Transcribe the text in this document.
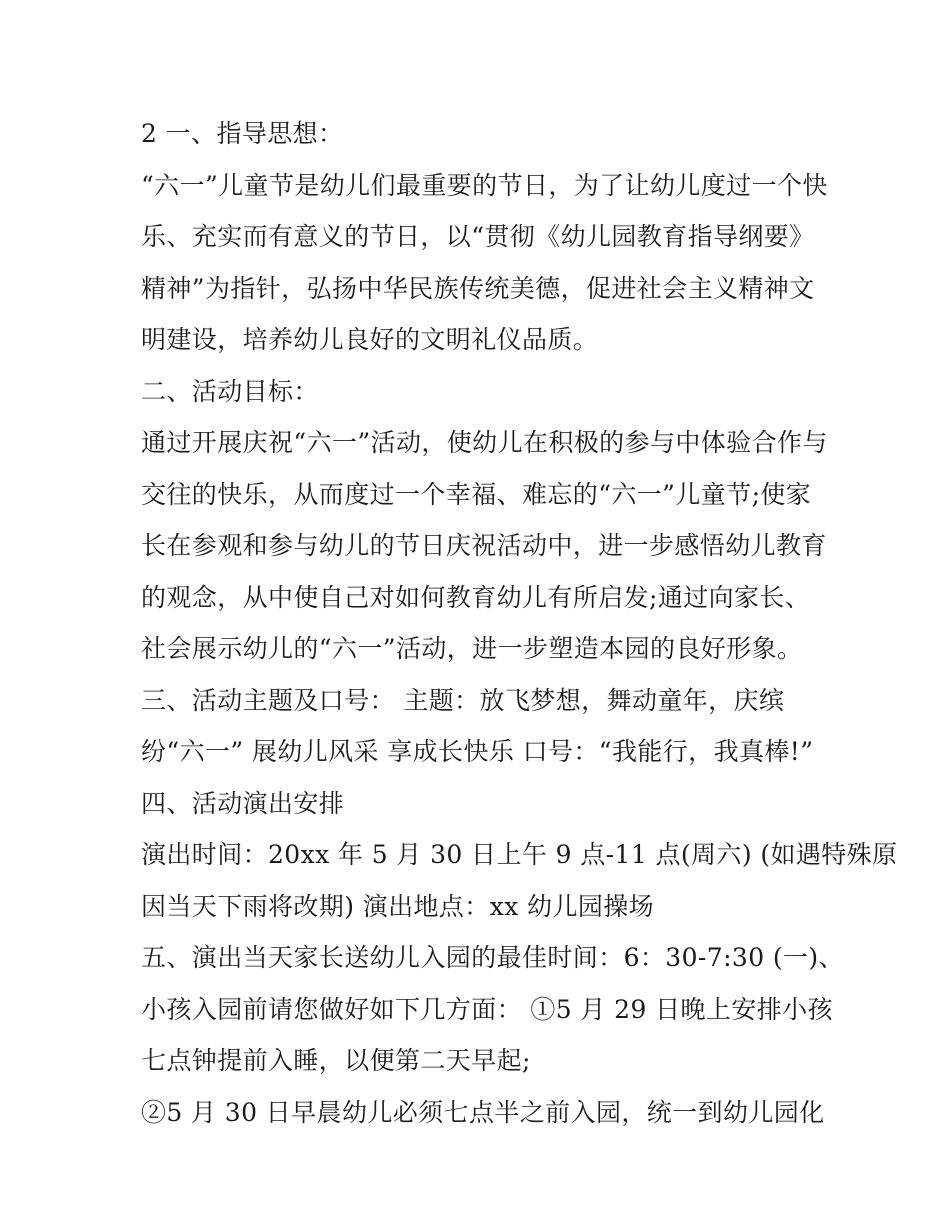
2 一、指导思想：
“六一”儿童节是幼儿们最重要的节日，为了让幼儿度过一个快
乐、充实而有意义的节日，以“贯彻《幼儿园教育指导纲要》
精神”为指针，弘扬中华民族传统美德，促进社会主义精神文
明建设，培养幼儿良好的文明礼仪品质。
二、活动目标：
通过开展庆祝“六一”活动，使幼儿在积极的参与中体验合作与
交往的快乐，从而度过一个幸福、难忘的“六一”儿童节;使家
长在参观和参与幼儿的节日庆祝活动中，进一步感悟幼儿教育
的观念，从中使自己对如何教育幼儿有所启发;通过向家长、
社会展示幼儿的“六一”活动，进一步塑造本园的良好形象。
三、活动主题及口号： 主题：放飞梦想，舞动童年，庆缤
纷“六一” 展幼儿风采 享成长快乐 口号：“我能行，我真棒!”
四、活动演出安排
演出时间：20xx 年 5 月 30 日上午 9 点-11 点(周六) (如遇特殊原
因当天下雨将改期) 演出地点：xx 幼儿园操场
五、演出当天家长送幼儿入园的最佳时间：6：30-7:30 (一)、
小孩入园前请您做好如下几方面： ①5 月 29 日晚上安排小孩
七点钟提前入睡，以便第二天早起;
②5 月 30 日早晨幼儿必须七点半之前入园，统一到幼儿园化
